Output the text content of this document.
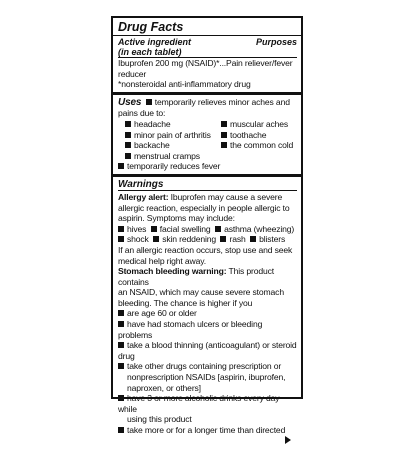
Drug Facts
Active ingredient	Purposes
(in each tablet)
Ibuprofen 200 mg (NSAID)*...Pain reliever/fever reducer
*nonsteroidal anti-inflammatory drug
Uses temporarily relieves minor aches and
pains due to:
headache	muscular aches
minor pain of arthritis	toothache
backache	the common cold
menstrual cramps
temporarily reduces fever
Warnings
Allergy alert: Ibuprofen may cause a severe
allergic reaction, especially in people allergic to
aspirin. Symptoms may include:
hives facial swelling asthma (wheezing)
shock skin reddening rash blisters
If an allergic reaction occurs, stop use and seek
medical help right away.
Stomach bleeding warning: This product contains
an NSAID, which may cause severe stomach
bleeding. The chance is higher if you
are age 60 or older
have had stomach ulcers or bleeding problems
take a blood thinning (anticoagulant) or steroid drug
take other drugs containing prescription or
nonprescription NSAIDs [aspirin, ibuprofen,
naproxen, or others]
have 3 or more alcoholic drinks every day while
using this product
take more or for a longer time than directed
